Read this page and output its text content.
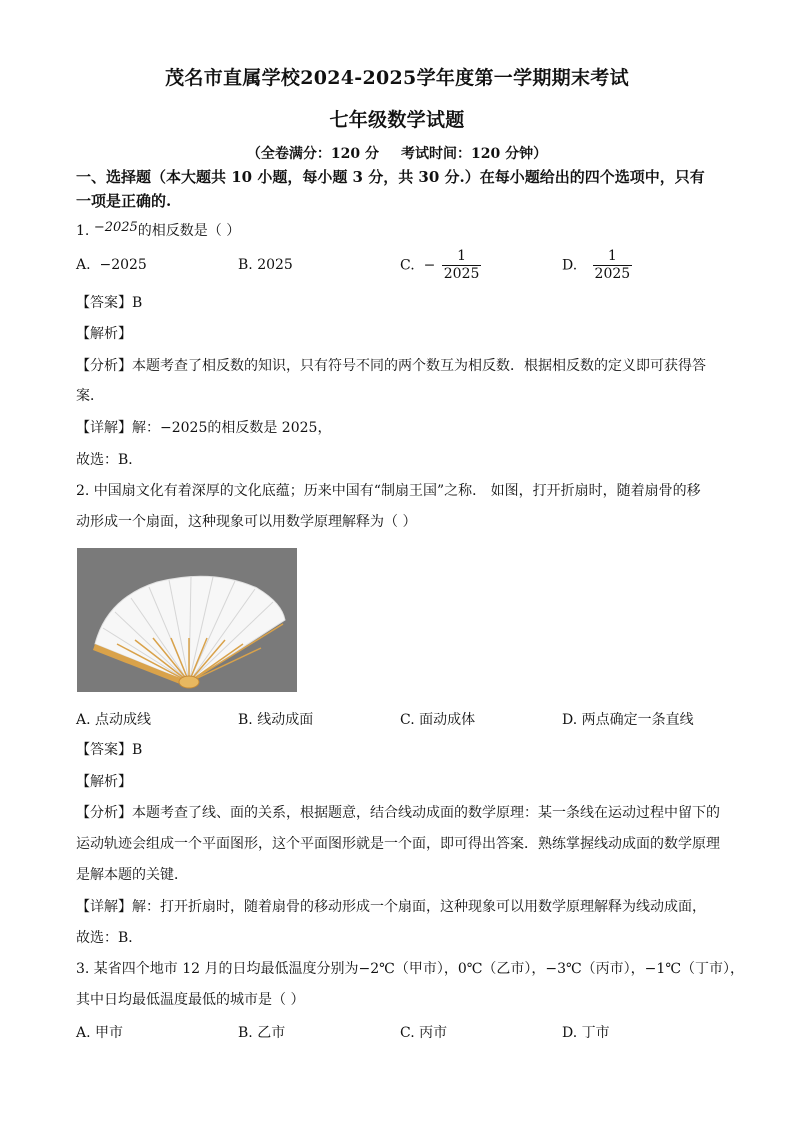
茂名市直属学校2024-2025学年度第一学期期末考试
七年级数学试题
（全卷满分：120 分 考试时间：120 分钟）
一、选择题（本大题共 10 小题，每小题 3 分，共 30 分.）在每小题给出的四个选项中，只有
一项是正确的.
1. −2025的相反数是（ ）
A. −2025	B. 2025	C. − $\frac{1}{2025}$	D. $\frac{1}{2025}$
【答案】B
【解析】
【分析】本题考查了相反数的知识，只有符号不同的两个数互为相反数．根据相反数的定义即可获得答
案．
【详解】解：−2025的相反数是 2025，
故选：B．
2. 中国扇文化有着深厚的文化底蕴；历来中国有“制扇王国”之称． 如图，打开折扇时，随着扇骨的移
动形成一个扇面，这种现象可以用数学原理解释为（ ）
A. 点动成线	B. 线动成面	C. 面动成体	D. 两点确定一条直线
【答案】B
【解析】
【分析】本题考查了线、面的关系，根据题意，结合线动成面的数学原理：某一条线在运动过程中留下的
运动轨迹会组成一个平面图形，这个平面图形就是一个面，即可得出答案．熟练掌握线动成面的数学原理
是解本题的关键．
【详解】解：打开折扇时，随着扇骨的移动形成一个扇面，这种现象可以用数学原理解释为线动成面，
故选：B．
3. 某省四个地市 12 月的日均最低温度分别为−2℃（甲市），0℃（乙市），−3℃（丙市），−1℃（丁市），
其中日均最低温度最低的城市是（ ）
A. 甲市	B. 乙市	C. 丙市	D. 丁市
